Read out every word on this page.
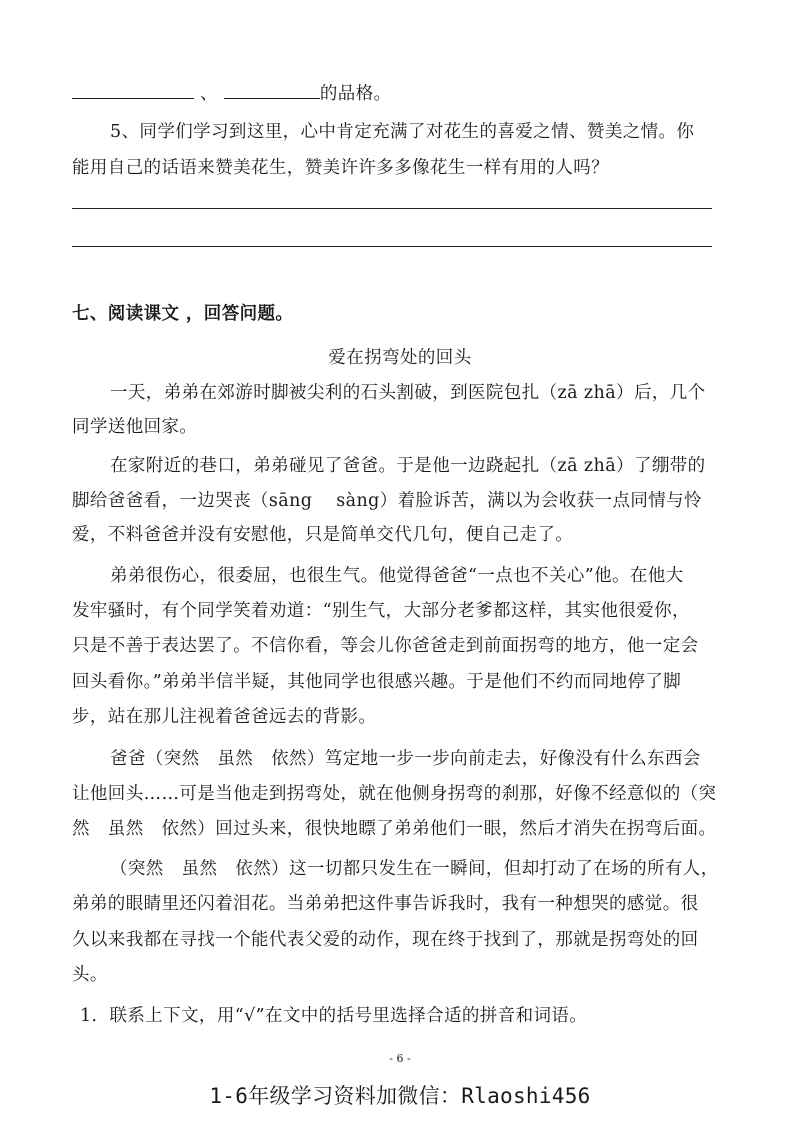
、	的品格。
5、同学们学习到这里，心中肯定充满了对花生的喜爱之情、赞美之情。你
能用自己的话语来赞美花生，赞美许许多多像花生一样有用的人吗？
七、阅读课文 ，回答问题。
爱在拐弯处的回头
一天，弟弟在郊游时脚被尖利的石头割破，到医院包扎（zā zhā）后，几个
同学送他回家。
在家附近的巷口，弟弟碰见了爸爸。于是他一边跷起扎（zā zhā）了绷带的
脚给爸爸看，一边哭丧（sāng　 sàng）着脸诉苦，满以为会收获一点同情与怜
爱，不料爸爸并没有安慰他，只是简单交代几句，便自己走了。
弟弟很伤心，很委屈，也很生气。他觉得爸爸“一点也不关心”他。在他大
发牢骚时，有个同学笑着劝道：“别生气，大部分老爹都这样，其实他很爱你，
只是不善于表达罢了。不信你看，等会儿你爸爸走到前面拐弯的地方，他一定会
回头看你。”弟弟半信半疑，其他同学也很感兴趣。于是他们不约而同地停了脚
步，站在那儿注视着爸爸远去的背影。
爸爸（突然　虽然　依然）笃定地一步一步向前走去，好像没有什么东西会
让他回头……可是当他走到拐弯处，就在他侧身拐弯的刹那，好像不经意似的（突
然　虽然　依然）回过头来，很快地瞟了弟弟他们一眼，然后才消失在拐弯后面。
（突然　虽然　依然）这一切都只发生在一瞬间，但却打动了在场的所有人，
弟弟的眼睛里还闪着泪花。当弟弟把这件事告诉我时，我有一种想哭的感觉。很
久以来我都在寻找一个能代表父爱的动作，现在终于找到了，那就是拐弯处的回
头。
1．联系上下文，用“√”在文中的括号里选择合适的拼音和词语。
- 6 -
1-6年级学习资料加微信：Rlaoshi456
